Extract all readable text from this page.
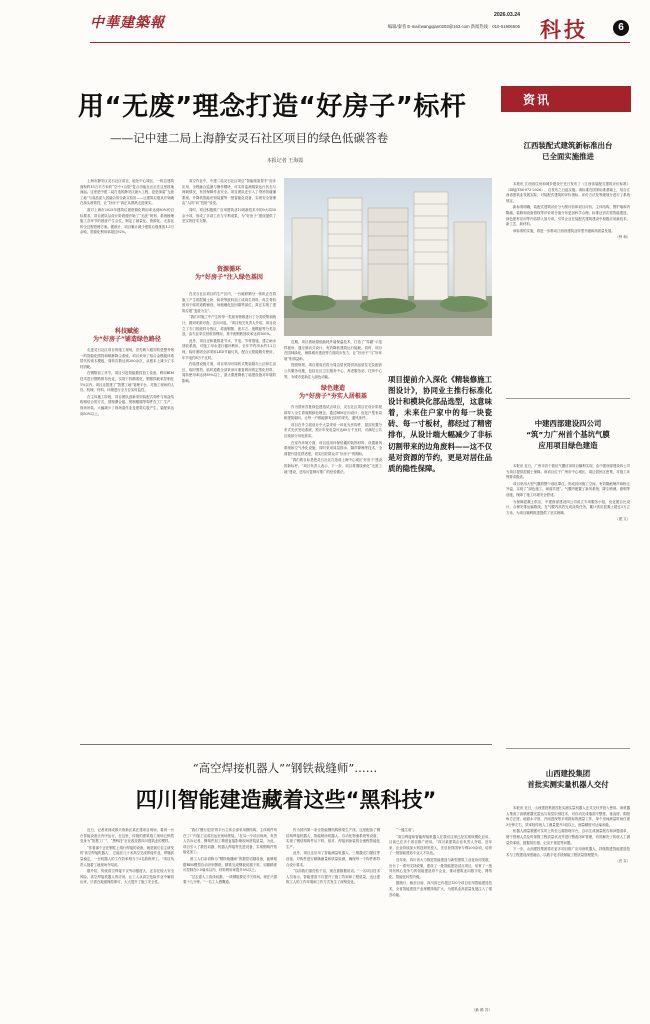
中華建築報	2026.03.24
编辑/秦普 E-mail:wangqian0203@163.com 新闻热线：010-51906505 科技	6
用“无废”理念打造“好房子”标杆
——记中建二局上海静安灵石社区项目的绿色低碳答卷
本报记者 王海霞

上海市静安区灵石社区项目，地处中心城区，一栋总建筑面积约15万平方米的“空中+合院”复合功能社区正在这里拔地而起。这里是中建二局打造的静安区最大工程，更是探索“无废工地”与高品质人居融合的全新实验田——让建筑垃圾从开始就在源头被管控，让“好房子”真正从图纸走进现实。

面对上海市2025年建筑垃圾资源化利用率达到80%的目标要求，项目团队从设计阶段便开始了“无废”规划，系统梳理施工各环节的固废产生点位，制定了减量化、资源化、无害化的全过程管理方案。据统计，项目累计减少建筑垃圾排放1.3万余吨，资源化利用率超过92%。

走进灵石社区项目的施工现场，首先映入眼帘的是整齐划一的智能化围挡和喷淋降尘系统。项目采用了铝合金模板体系替代传统木模板，周转次数达到200余次，从根本上减少了木材消耗。

在钢筋加工环节，项目引进智能数控加工设备，利用BIM技术进行钢筋排布优化，实现下料精准化，钢筋损耗率控制在1%以内。项目还搭建了“智慧工地”管理平台，对施工现场的人员、机械、材料、环境进行全方位实时监控。

在主体施工阶段，项目团队创新采用装配式构件与现浇结构相结合的方式，预制叠合板、预制楼梯等构件在工厂生产，现场吊装，大幅减少了现场湿作业及建筑垃圾产生，装配率达到50%以上。

高空作业中，中建二局灵石社区项目“智能爬架帮手”同步应用，全程融合监测与操作模块，可实时监测爬架运行状态与荷载情况，有效保障作业安全。项目团队还引入了塔吊防碰撞系统、升降机智能识别装置等一批智能化设备，实现安全管理由“人防”向“技防”转变。

同时，项目积极推广应用建筑业10项新技术中的9大项30余小项，形成了多项工法与专利成果，为“好房子”建设提供了坚实的技术支撑。

在灵石社区项目的生产区内，一台破碎筛分一体机正在将施工产生的混凝土块、砖块等废料加工成再生骨料，再生骨料被用于临时道路铺设、场地硬化及回填等部位，真正实现了建筑垃圾“变废为宝”。

“我们对施工中产生的每一类废弃物都进行了分类收集和统计，做到来源可查、去向可追。”项目相关负责人介绍，项目设立了专门的废料分拣区，将废钢筋、废木方、废模板等分类存放，由专业单位回收再利用，其中废钢筋回收率达到100%。

此外，项目还积极推进节水、节电、节材措施，建立雨水回收系统，对施工用水进行循环利用，全年节约用水约1.2万吨；临时照明全部采用LED节能灯具，配合太阳能路灯使用，年节电约8万千瓦时。

在临建设施方面，项目采用可周转式集装箱办公区和生活区，临时围挡、临时道路全部采用可重复利用的定型化材料，周转使用率达到95%以上，最大限度降低了临建设施对环境的影响。

近期，项目借助超低能耗外墙保温技术，打造了“零碳”示范样板房，通过被动式设计，有效降低建筑运行能耗。同时，项目在园林绿化、海绵城市建设等方面同步发力，让“好房子”与“好环境”相得益彰。

按照规划，项目建成后将为周边居民提供高品质住宅及配套公共服务设施，包括社区卫生服务中心、养老服务站、托育中心等，为城市更新注入绿色动能。

作为国家首批绿色建造试点项目，灵石社区项目在设计阶段即导入全生命周期绿色理念，通过BIM正向设计，优化户型布局和建筑朝向，让每一户都能拥有良好的采光、通风条件。

项目在外立面设计中大量采用一体化光伏构件，屋顶布置分布式光伏发电系统，预计年发电量可达60万千瓦时，可满足公共区域部分用电需求。

在室内环境方面，项目选用环保低碳的装饰材料，设置新风系统和空气净化设施，同时采用同层排水、隔声降噪等技术，全面提升居住舒适度，切实回应群众对“好房子”的期盼。

“我们的目标是把灵石社区打造成上海中心城区‘好房子’建设的新标杆。”项目负责人表示，下一步，项目将继续深化“无废工地”建设，总结可复制可推广的经验做法。

科技赋能
为“好房子”铺造绿色路径
资源循环
为“好房子”注入绿色基因
绿色建造
为“好房子”夯实人居根基
项目提前介入深化《精装修施工图设计》，协同业主推行标准化设计和模块化部品选型，这意味着，未来住户家中的每一块瓷砖、每一寸板材，都经过了精密排布，从设计端大幅减少了非标切割带来的边角废料——这不仅是对资源的节约，更是对居住品质的隐性保障。
资讯
江西装配式建筑新标准出台
已全面实施推进

本报讯 江西省住房和城乡建设厅近日发布了《江西省装配式建筑评价标准》（DBJ/T36-073-2026），自发布之日起实施。该标准在国家标准基础上，结合江西省建筑业发展实际，对装配式建筑的评价指标、评价方法及等级划分进行了系统规定。

新标准明确，装配式建筑评价分为预评价和项目评价，主体结构、围护墙和内隔墙、装修和设备管线等评价项分值分布更加科学合理。标准还首次将智能建造、绿色建材应用等内容纳入加分项，引导企业在装配式建筑建设中积极应用新技术、新工艺、新材料。

该标准的实施，将进一步推动江西省建筑业转型升级和高质量发展。

（钟 和）

中建西部建设四公司
“筑”力广州首个基坑气膜
应用项目绿色建造

本报讯 近日，广州市首个基坑气膜应用项目顺利实现，由中建西部建设四公司为项目提供混凝土保障。该项目位于广州市中心城区，周边居民区密集，对施工环保要求极高。

项目采用大型气膜将整个基坑罩住，形成封闭施工空间，有效隔绝噪声和粉尘外溢，实现了“绿色施工、和谐共建”。气膜内配置了新风系统、降尘喷淋、照明等设施，保障了施工环境安全舒适。

为保障混凝土供应，中建西部建设四公司成立专项服务小组，优化配合比设计，合理安排运输路线，在气膜内高效完成浇筑任务，累计供应混凝土超过3万立方米，为项目顺利推进提供了坚实保障。

（建 文）

山西建投集团
首批实测实量机器人交付

本报讯 近日，山西建投集团首批实测实量机器人正式交付并投入使用。该机器人集成了高精度激光雷达与视觉识别技术，可自动完成墙面平整度、垂直度、阴阳角方正度、地面水平度、开间进深等多项指标的测量工作，单个房间测量时间仅需3分钟左右，效率较传统人工测量提升3倍以上，测量精度可达毫米级。

机器人测量数据可实时上传至云端管理平台，自动生成测量报告和问题清单，便于管理人员及时掌握工程质量状况并进行整改闭环管理，有效解决了传统人工测量效率低、数据易出错、记录不规范等问题。

下一步，山西建投集团将在更多项目推广应用该机器人，持续推进智能建造技术与工程建设深度融合，以数字化手段赋能工程质量管理提升。

（晋 实）

“高空焊接机器人”“钢铁裁缝师”……
四川智能建造藏着这些“黑科技”

近日，记者来到成都天府新区某在建项目现场，看到一台台智能设备正有序运行，在这里，传统的建筑施工现场已悄然变身为“智慧工厂”，“黑科技”正在改变着四川建筑业的模样。

“你看那个正在钢柱上爬行焊接的设备，就是我们自主研发的‘高空焊接机器人’，它能在几十米高空完成焊接作业，焊缝质量稳定，一台机器人的工作效率相当于3名熟练焊工。”项目负责人指着工地现场介绍说。

据介绍，传统高空焊接不仅劳动强度大，还存在较大安全风险。高空焊接机器人的应用，让工人从高空危险作业中解放出来，只需在地面操控即可，大大提升了施工安全性。

“我们‘慢行花园’的平台主体全部采用钢结构，主体构件均在工厂内加工完成后运至现场拼装。”在另一个项目现场，负责人告诉记者，钢构件加工精度直接影响现场拼装质量，为此，项目引入了数控切割、机器人焊接等先进设备，实现钢构件智能化加工。

被工人们亲切称为“钢铁裁缝师”的数控切割设备，能够根据BIM模型自动识别图纸，精准完成钢板切割下料，切割精度可控制在0.5毫米以内，材料利用率提升5%以上。

“过去靠人工放线切割，一块钢板要花半天时间，现在只需要十几分钟。”一名工人感慨道。

作为国内第一条全智能钢结构桥梁生产线，这里配备了钢结构焊接机器人、智能喷涂机器人、自动化物流系统等设备，实现了钢结构构件从下料、组对、焊接到涂装的全流程智能化生产。

此外，项目还应用了智能测量机器人、三维激光扫描仪等设备，对构件进行精确测量和质量检测，确保每一个构件都符合设计要求。

“以前我们靠经验干活，现在靠数据说话。”一名项目技术人员表示，智能建造不仅提升了施工效率和工程质量，也让建筑工人的工作环境和工作方式发生了深刻变化。

“一键生成”。

“高空焊接和智能焊接机器人在我们这里已经实现规模化应用，目前已在多个项目推广使用。”四川某建筑企业负责人介绍，近年来，企业持续加大科技研发投入，先后获得国家专利200余项，培育了一批智能建造专业人才队伍。

近年来，四川省大力推进智能建造与新型建筑工业化协同发展，出台了一系列支持政策，建设了一批智能建造试点项目，培育了一批具有核心竞争力的智能建造骨干企业，推动建筑业向数字化、网络化、智能化转型升级。

据统计，截至目前，四川省已有超过150个项目应用智能建造技术，全省智能建造产业规模持续扩大，为建筑业高质量发展注入了强劲动能。

（新 路 苏）
